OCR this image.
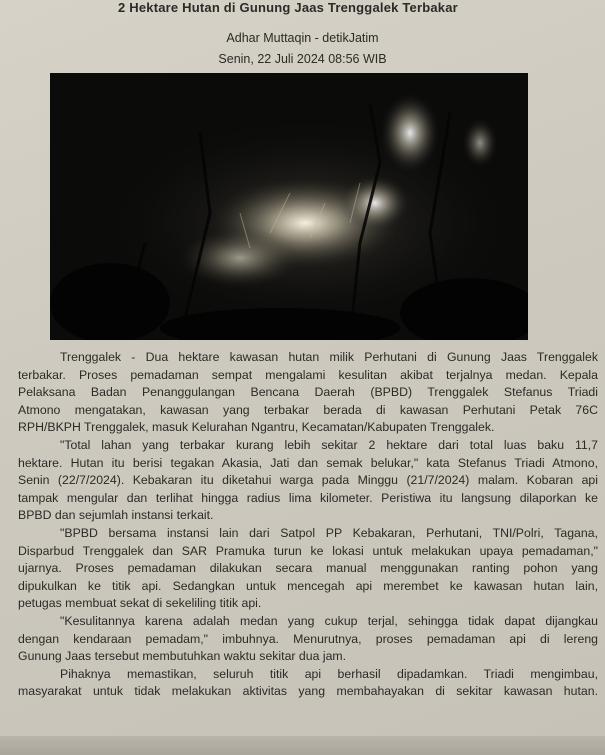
2 Hektare Hutan di Gunung Jaas Trenggalek Terbakar
Adhar Muttaqin - detikJatim
Senin, 22 Juli 2024 08:56 WIB
Trenggalek - Dua hektare kawasan hutan milik Perhutani di Gunung Jaas Trenggalek
terbakar. Proses pemadaman sempat mengalami kesulitan akibat terjalnya medan. Kepala
Pelaksana Badan Penanggulangan Bencana Daerah (BPBD) Trenggalek Stefanus Triadi
Atmono mengatakan, kawasan yang terbakar berada di kawasan Perhutani Petak 76C
RPH/BKPH Trenggalek, masuk Kelurahan Ngantru, Kecamatan/Kabupaten Trenggalek.
"Total lahan yang terbakar kurang lebih sekitar 2 hektare dari total luas baku 11,7
hektare. Hutan itu berisi tegakan Akasia, Jati dan semak belukar," kata Stefanus Triadi Atmono,
Senin (22/7/2024). Kebakaran itu diketahui warga pada Minggu (21/7/2024) malam. Kobaran api
tampak mengular dan terlihat hingga radius lima kilometer. Peristiwa itu langsung dilaporkan ke
BPBD dan sejumlah instansi terkait.
"BPBD bersama instansi lain dari Satpol PP Kebakaran, Perhutani, TNI/Polri, Tagana,
Disparbud Trenggalek dan SAR Pramuka turun ke lokasi untuk melakukan upaya pemadaman,"
ujarnya. Proses pemadaman dilakukan secara manual menggunakan ranting pohon yang
dipukulkan ke titik api. Sedangkan untuk mencegah api merembet ke kawasan hutan lain,
petugas membuat sekat di sekeliling titik api.
"Kesulitannya karena adalah medan yang cukup terjal, sehingga tidak dapat dijangkau
dengan kendaraan pemadam," imbuhnya. Menurutnya, proses pemadaman api di lereng
Gunung Jaas tersebut membutuhkan waktu sekitar dua jam.
Pihaknya memastikan, seluruh titik api berhasil dipadamkan. Triadi mengimbau,
masyarakat untuk tidak melakukan aktivitas yang membahayakan di sekitar kawasan hutan.
